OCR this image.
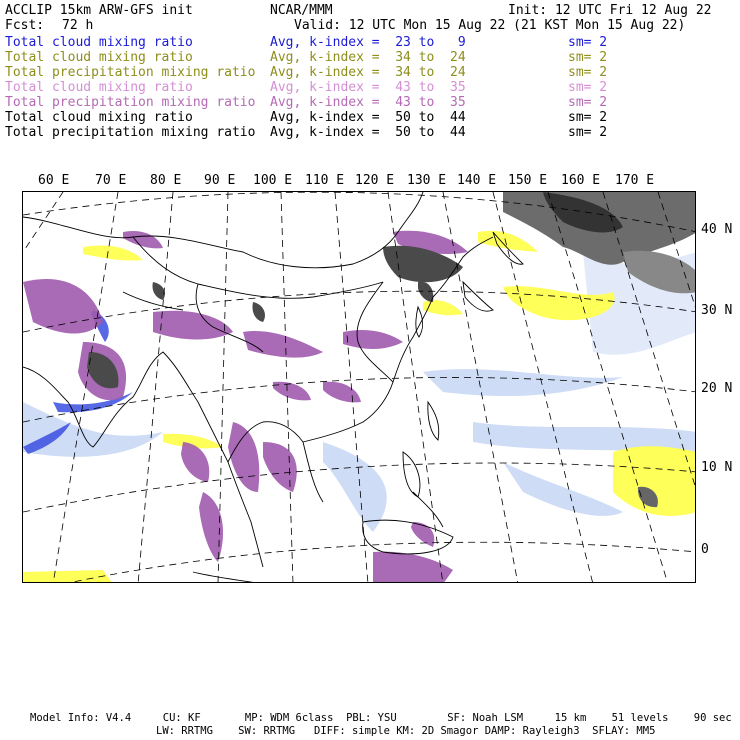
ACCLIP 15km ARW-GFS init	NCAR/MMM	Init: 12 UTC Fri 12 Aug 22
Fcst: 72 h	Valid: 12 UTC Mon 15 Aug 22 (21 KST Mon 15 Aug 22)
Total cloud mixing ratio	Avg, k-index =  23 to   9	sm= 2
Total cloud mixing ratio	Avg, k-index =  34 to  24	sm= 2
Total precipitation mixing ratio Avg, k-index =  34 to  24	sm= 2
Total cloud mixing ratio	Avg, k-index =  43 to  35	sm= 2
Total precipitation mixing ratio Avg, k-index =  43 to  35	sm= 2
Total cloud mixing ratio	Avg, k-index =  50 to  44	sm= 2
Total precipitation mixing ratio Avg, k-index =  50 to  44	sm= 2
60 E 70 E 80 E 90 E 100 E 110 E 120 E 130 E 140 E 150 E 160 E 170 E
40 N
30 N
20 N
10 N
0
Model Info: V4.4     CU: KF       MP: WDM 6class  PBL: YSU        SF: Noah LSM     15 km    51 levels    90 sec
LW: RRTMG    SW: RRTMG   DIFF: simple KM: 2D Smagor DAMP: Rayleigh3  SFLAY: MM5
